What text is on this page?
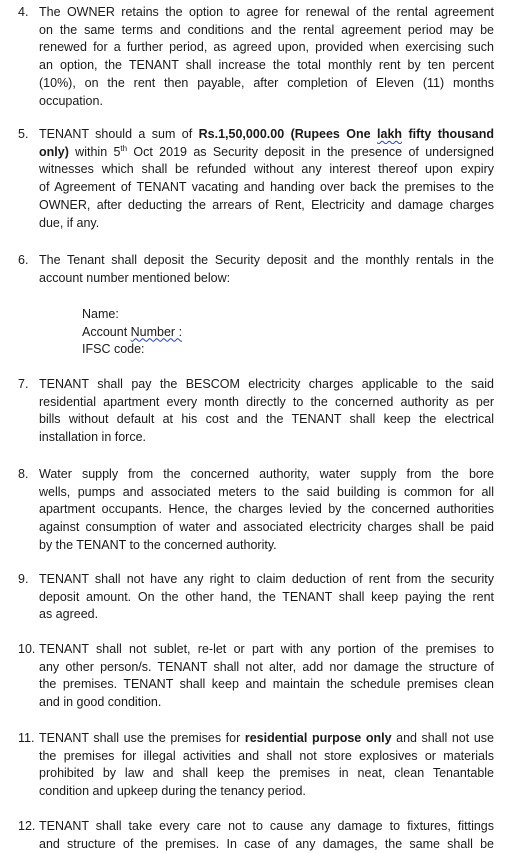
4. The OWNER retains the option to agree for renewal of the rental agreement
on the same terms and conditions and the rental agreement period may be
renewed for a further period, as agreed upon, provided when exercising such
an option, the TENANT shall increase the total monthly rent by ten percent
(10%), on the rent then payable, after completion of Eleven (11) months
occupation.
5. TENANT should a sum of Rs.1,50,000.00 (Rupees One lakh fifty thousand
only) within 5th Oct 2019 as Security deposit in the presence of undersigned
witnesses which shall be refunded without any interest thereof upon expiry
of Agreement of TENANT vacating and handing over back the premises to the
OWNER, after deducting the arrears of Rent, Electricity and damage charges
due, if any.
6. The Tenant shall deposit the Security deposit and the monthly rentals in the
account number mentioned below:
Name:
Account Number :
IFSC code:
7. TENANT shall pay the BESCOM electricity charges applicable to the said
residential apartment every month directly to the concerned authority as per
bills without default at his cost and the TENANT shall keep the electrical
installation in force.
8. Water supply from the concerned authority, water supply from the bore
wells, pumps and associated meters to the said building is common for all
apartment occupants. Hence, the charges levied by the concerned authorities
against consumption of water and associated electricity charges shall be paid
by the TENANT to the concerned authority.
9. TENANT shall not have any right to claim deduction of rent from the security
deposit amount. On the other hand, the TENANT shall keep paying the rent
as agreed.
10. TENANT shall not sublet, re-let or part with any portion of the premises to
any other person/s. TENANT shall not alter, add nor damage the structure of
the premises. TENANT shall keep and maintain the schedule premises clean
and in good condition.
11. TENANT shall use the premises for residential purpose only and shall not use
the premises for illegal activities and shall not store explosives or materials
prohibited by law and shall keep the premises in neat, clean Tenantable
condition and upkeep during the tenancy period.
12. TENANT shall take every care not to cause any damage to fixtures, fittings
and structure of the premises. In case of any damages, the same shall be
